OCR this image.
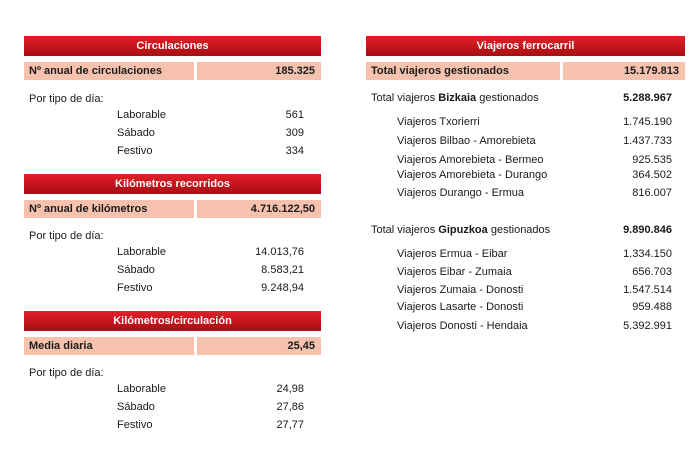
Circulaciones
Nº anual de circulaciones	185.325
Por tipo de día:
Laborable	561
Sábado	309
Festivo	334
Kilómetros recorridos
Nº anual de kilómetros	4.716.122,50
Por tipo de día:
Laborable	14.013,76
Sábado	8.583,21
Festivo	9.248,94
Kilómetros/circulación
Media diaria	25,45
Por tipo de día:
Laborable	24,98
Sábado	27,86
Festivo	27,77
Viajeros ferrocarril
Total viajeros gestionados	15.179.813
Total viajeros Bizkaia gestionados	5.288.967
Viajeros Txorierri	1.745.190
Viajeros Bilbao - Amorebieta	1.437.733
Viajeros Amorebieta - Bermeo	925.535
Viajeros Amorebieta - Durango	364.502
Viajeros Durango - Ermua	816.007
Total viajeros Gipuzkoa gestionados	9.890.846
Viajeros Ermua - Eibar	1.334.150
Viajeros Eibar - Zumaia	656.703
Viajeros Zumaia - Donosti	1.547.514
Viajeros Lasarte - Donosti	959.488
Viajeros Donosti - Hendaia	5.392.991
